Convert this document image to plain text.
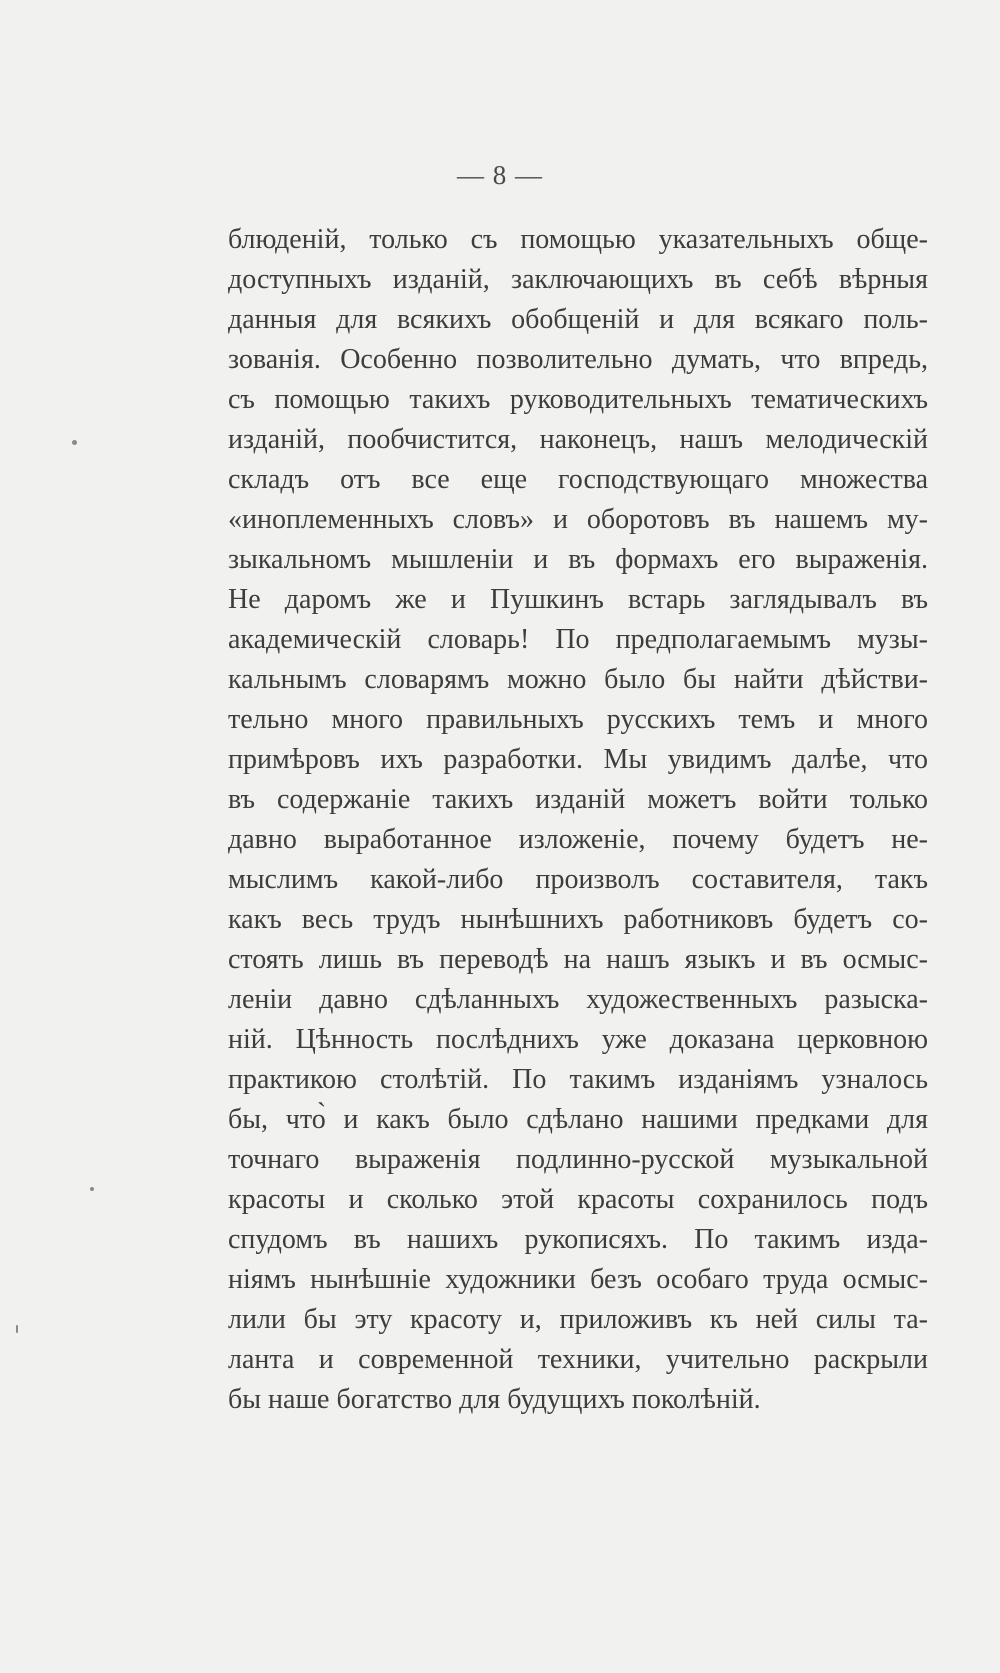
— 8 —
блюденій, только съ помощью указательныхъ обще-
доступныхъ изданій, заключающихъ въ себѣ вѣрныя
данныя для всякихъ обобщеній и для всякаго поль-
зованія. Особенно позволительно думать, что впредь,
съ помощью такихъ руководительныхъ тематическихъ
изданій, пообчистится, наконецъ, нашъ мелодическій
складъ отъ все еще господствующаго множества
«иноплеменныхъ словъ» и оборотовъ въ нашемъ му-
зыкальномъ мышленіи и въ формахъ его выраженія.
Не даромъ же и Пушкинъ встарь заглядывалъ въ
академическій словарь! По предполагаемымъ музы-
кальнымъ словарямъ можно было бы найти дѣйстви-
тельно много правильныхъ русскихъ темъ и много
примѣровъ ихъ разработки. Мы увидимъ далѣе, что
въ содержаніе такихъ изданій можетъ войти только
давно выработанное изложеніе, почему будетъ не-
мыслимъ какой-либо произволъ составителя, такъ
какъ весь трудъ нынѣшнихъ работниковъ будетъ со-
стоять лишь въ переводѣ на нашъ языкъ и въ осмыс-
леніи давно сдѣланныхъ художественныхъ разыска-
ній. Цѣнность послѣднихъ уже доказана церковною
практикою столѣтій. По такимъ изданіямъ узналось
бы, что̀ и какъ было сдѣлано нашими предками для
точнаго выраженія подлинно-русской музыкальной
красоты и сколько этой красоты сохранилось подъ
спудомъ въ нашихъ рукописяхъ. По такимъ изда-
ніямъ нынѣшніе художники безъ особаго труда осмыс-
лили бы эту красоту и, приложивъ къ ней силы та-
ланта и современной техники, учительно раскрыли
бы наше богатство для будущихъ поколѣній.
